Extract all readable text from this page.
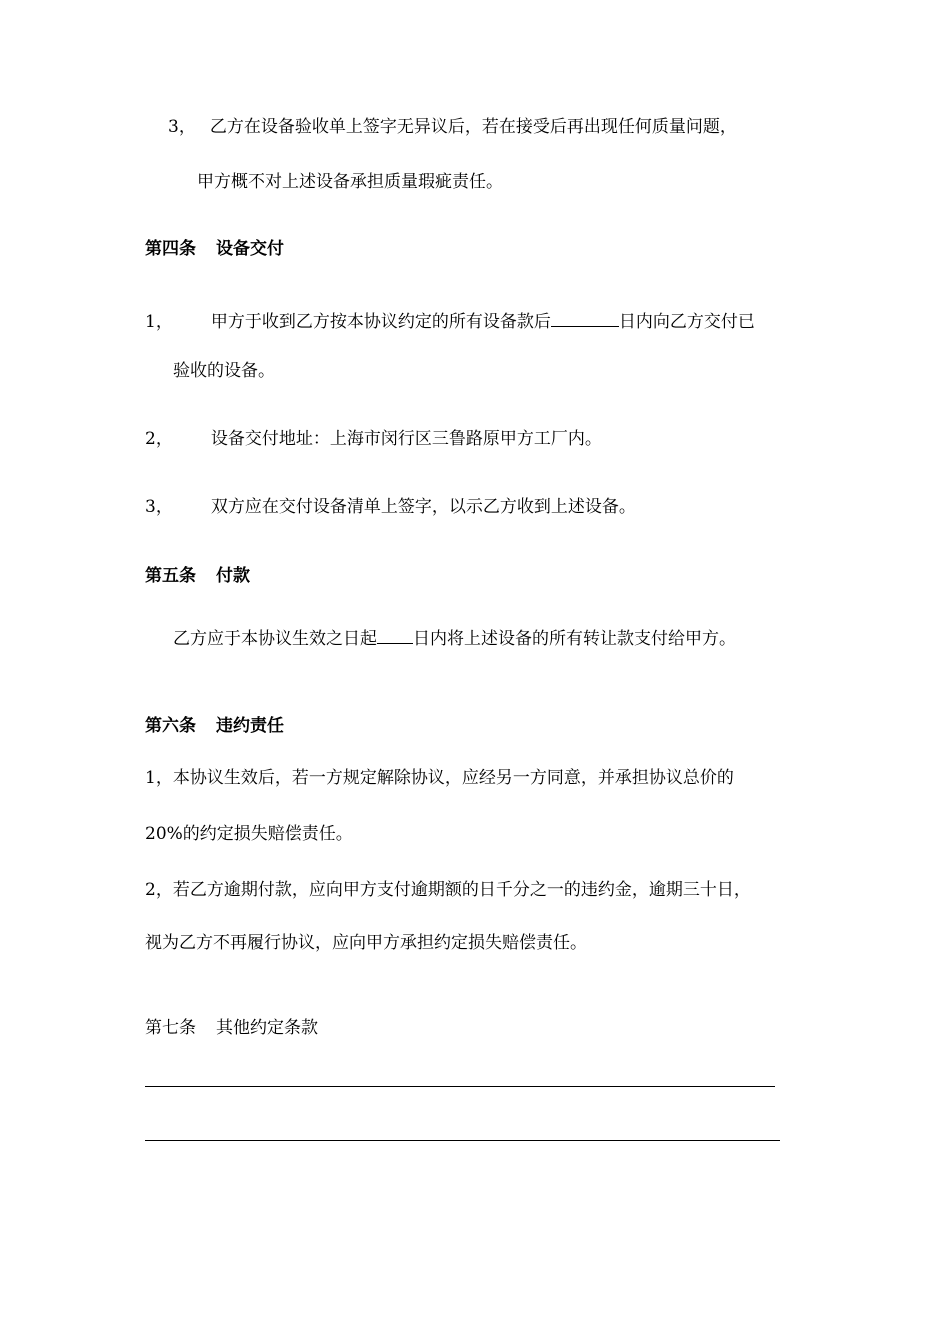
3， 乙方在设备验收单上签字无异议后，若在接受后再出现任何质量问题，
甲方概不对上述设备承担质量瑕疵责任。
第四条 设备交付
1， 甲方于收到乙方按本协议约定的所有设备款后	日内向乙方交付已
验收的设备。
2， 设备交付地址：上海市闵行区三鲁路原甲方工厂内。
3， 双方应在交付设备清单上签字，以示乙方收到上述设备。
第五条 付款
乙方应于本协议生效之日起 日内将上述设备的所有转让款支付给甲方。
第六条 违约责任
1，本协议生效后，若一方规定解除协议，应经另一方同意，并承担协议总价的
20%的约定损失赔偿责任。
2，若乙方逾期付款，应向甲方支付逾期额的日千分之一的违约金，逾期三十日，
视为乙方不再履行协议，应向甲方承担约定损失赔偿责任。
第七条 其他约定条款
